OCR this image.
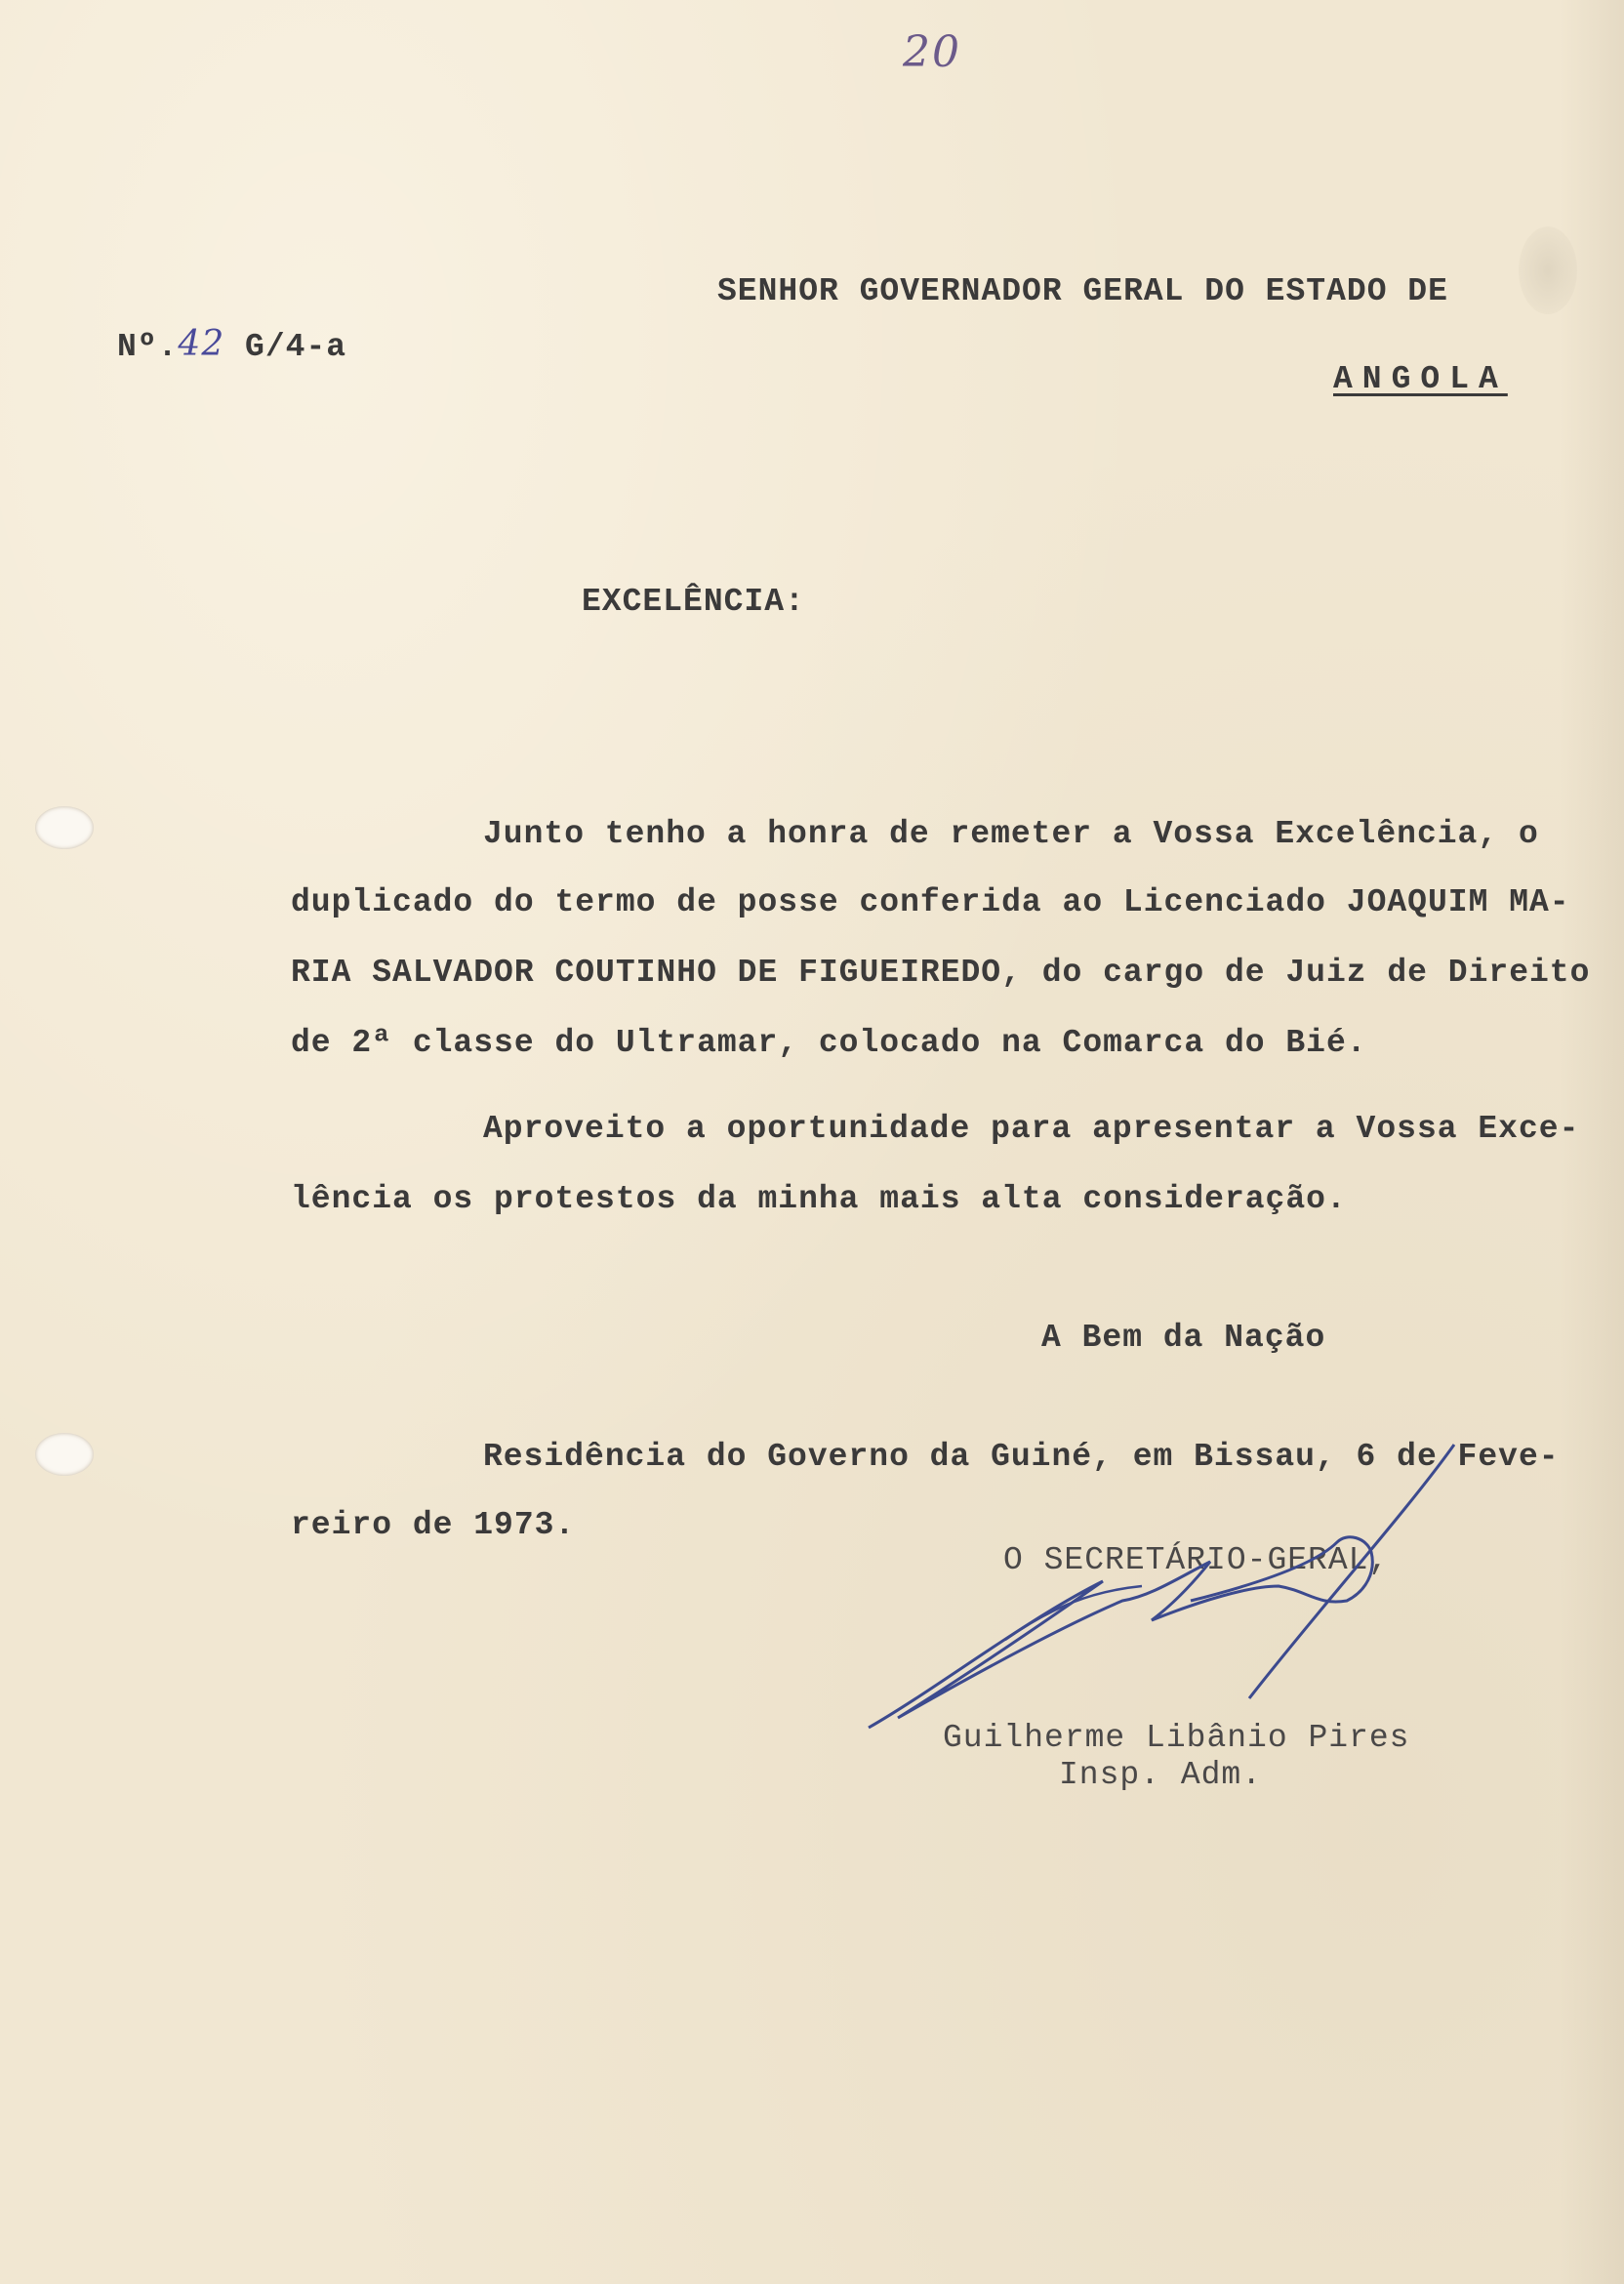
20
Nº.42 G/4-a
SENHOR GOVERNADOR GERAL DO ESTADO DE
ANGOLA
EXCELÊNCIA:
Junto tenho a honra de remeter a Vossa Excelência, o
duplicado do termo de posse conferida ao Licenciado JOAQUIM MA-
RIA SALVADOR COUTINHO DE FIGUEIREDO, do cargo de Juiz de Direito
de 2ª classe do Ultramar, colocado na Comarca do Bié.
Aproveito a oportunidade para apresentar a Vossa Exce-
lência os protestos da minha mais alta consideração.
A Bem da Nação
Residência do Governo da Guiné, em Bissau, 6 de Feve-
reiro de 1973.
O SECRETÁRIO-GERAL,
Guilherme Libânio Pires
Insp. Adm.
